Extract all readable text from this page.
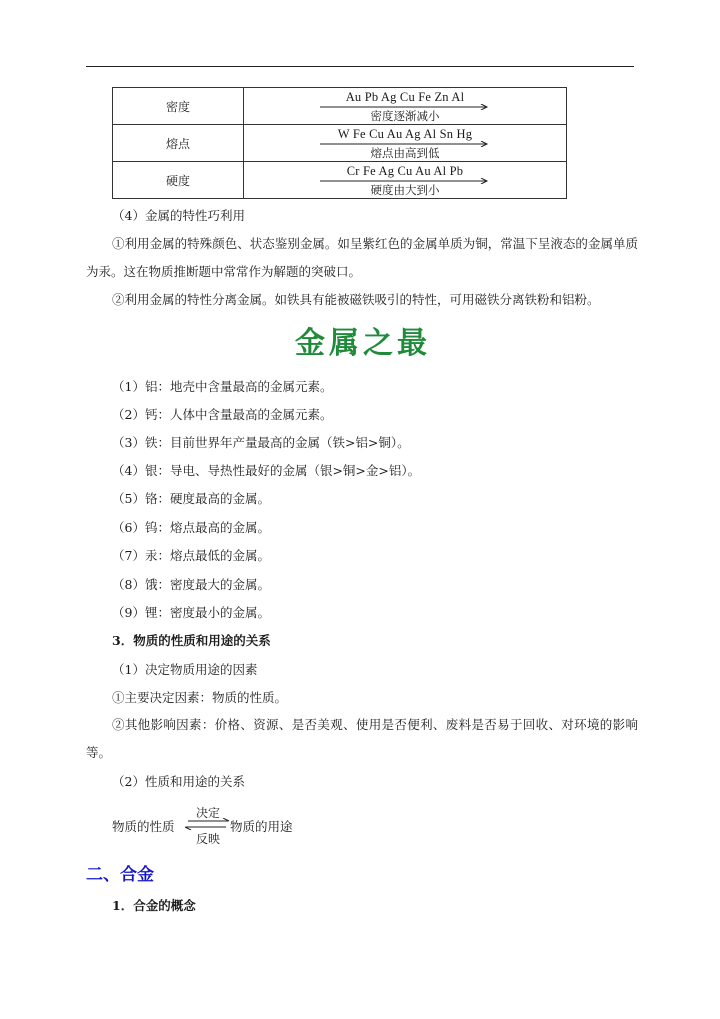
密度	Au Pb Ag Cu Fe Zn Al
密度逐渐减小

熔点	W Fe Cu Au Ag Al Sn Hg
熔点由高到低

硬度	Cr Fe Ag Cu Au Al Pb
硬度由大到小
（4）金属的特性巧利用
①利用金属的特殊颜色、状态鉴别金属。如呈紫红色的金属单质为铜，常温下呈液态的金属单质为汞。这在物质推断题中常常作为解题的突破口。
②利用金属的特性分离金属。如铁具有能被磁铁吸引的特性，可用磁铁分离铁粉和铝粉。
金属之最
（1）铝：地壳中含量最高的金属元素。
（2）钙：人体中含量最高的金属元素。
（3）铁：目前世界年产量最高的金属（铁>铝>铜）。
（4）银：导电、导热性最好的金属（银>铜>金>铝）。
（5）铬：硬度最高的金属。
（6）钨：熔点最高的金属。
（7）汞：熔点最低的金属。
（8）饿：密度最大的金属。
（9）锂：密度最小的金属。
3．物质的性质和用途的关系
（1）决定物质用途的因素
①主要决定因素：物质的性质。
②其他影响因素：价格、资源、是否美观、使用是否便利、废料是否易于回收、对环境的影响等。
（2）性质和用途的关系
决定
物质的性质	物质的用途
反映
二、合金
1．合金的概念
